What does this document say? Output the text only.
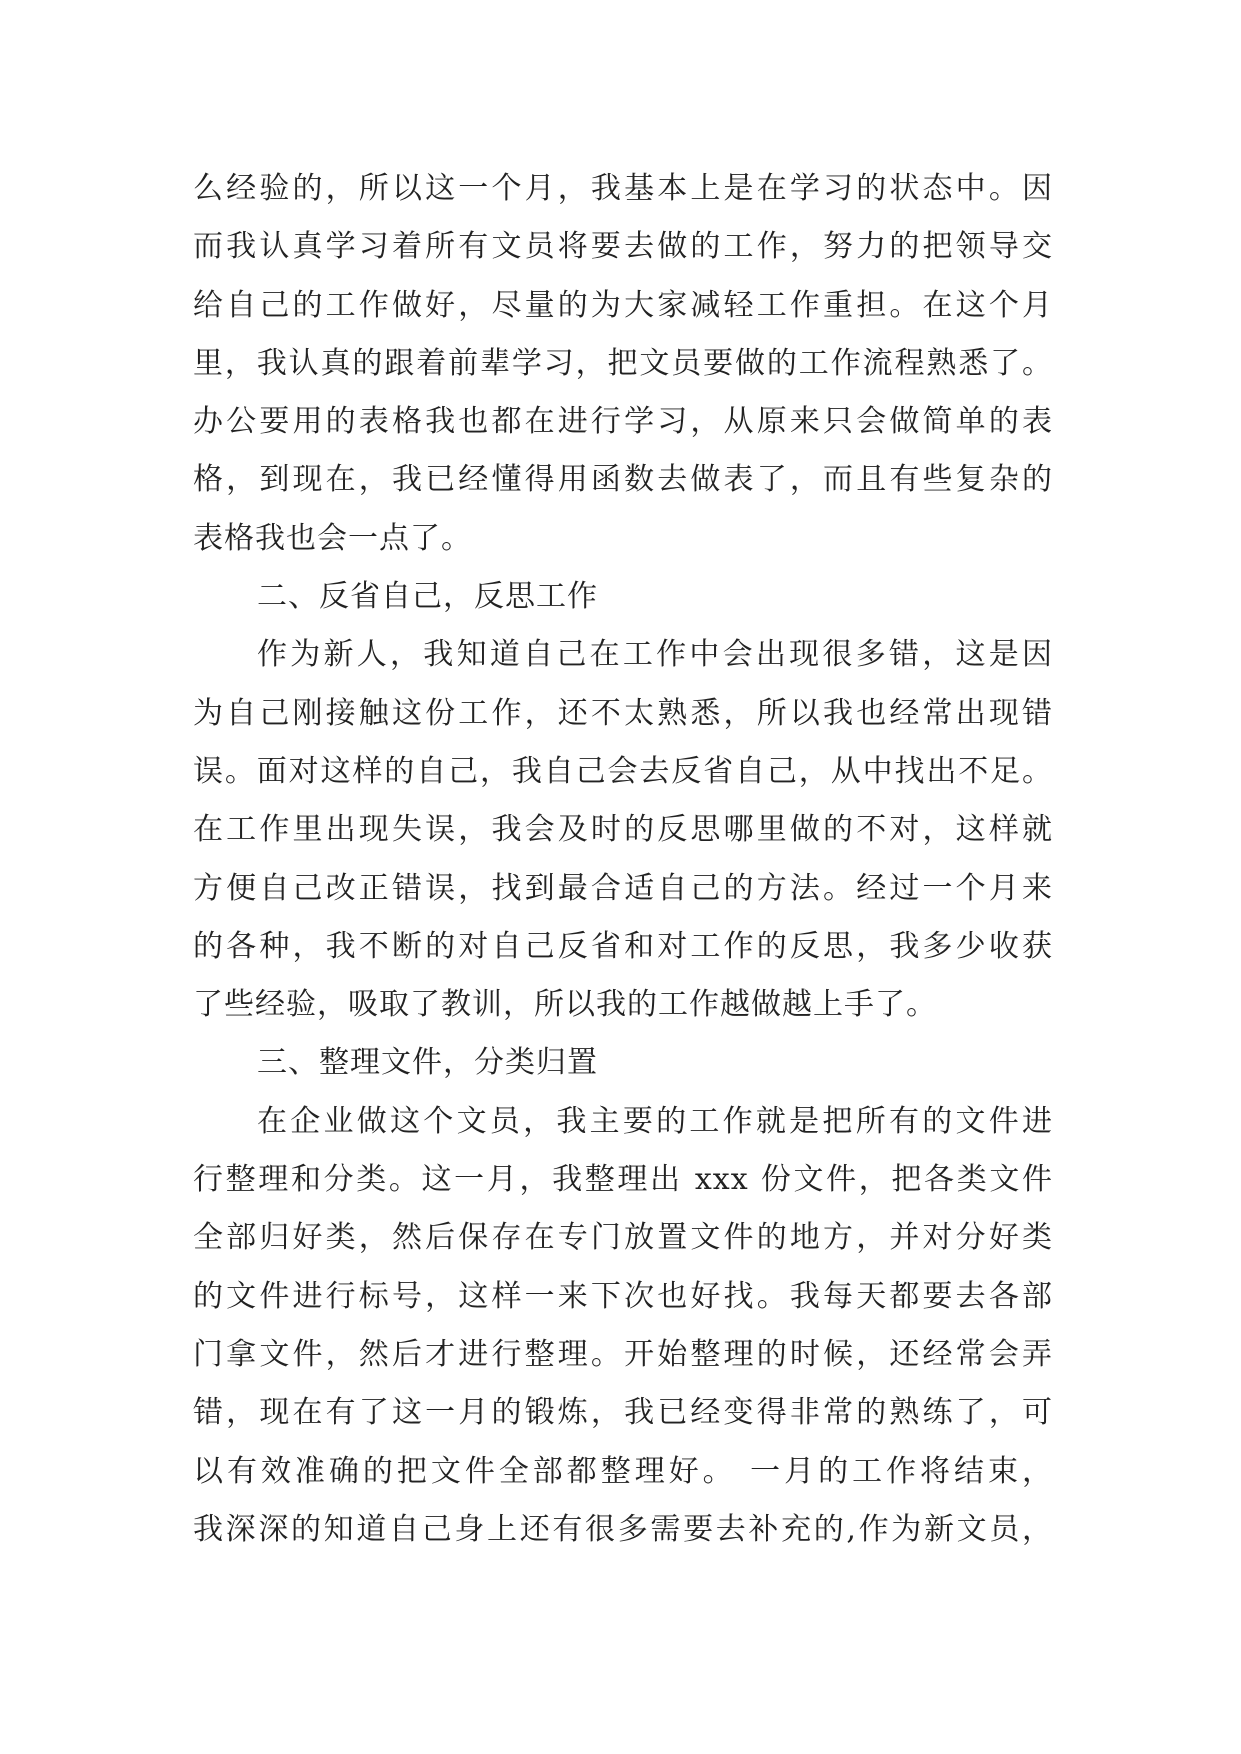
么经验的，所以这一个月，我基本上是在学习的状态中。因
而我认真学习着所有文员将要去做的工作，努力的把领导交
给自己的工作做好，尽量的为大家减轻工作重担。在这个月
里，我认真的跟着前辈学习，把文员要做的工作流程熟悉了。
办公要用的表格我也都在进行学习，从原来只会做简单的表
格，到现在，我已经懂得用函数去做表了，而且有些复杂的
表格我也会一点了。
二、反省自己，反思工作
作为新人，我知道自己在工作中会出现很多错，这是因
为自己刚接触这份工作，还不太熟悉，所以我也经常出现错
误。面对这样的自己，我自己会去反省自己，从中找出不足。
在工作里出现失误，我会及时的反思哪里做的不对，这样就
方便自己改正错误，找到最合适自己的方法。经过一个月来
的各种，我不断的对自己反省和对工作的反思，我多少收获
了些经验，吸取了教训，所以我的工作越做越上手了。
三、整理文件，分类归置
在企业做这个文员，我主要的工作就是把所有的文件进
行整理和分类。这一月，我整理出 xxx 份文件，把各类文件
全部归好类，然后保存在专门放置文件的地方，并对分好类
的文件进行标号，这样一来下次也好找。我每天都要去各部
门拿文件，然后才进行整理。开始整理的时候，还经常会弄
错，现在有了这一月的锻炼，我已经变得非常的熟练了，可
以有效准确的把文件全部都整理好。 一月的工作将结束，
我深深的知道自己身上还有很多需要去补充的,作为新文员，
